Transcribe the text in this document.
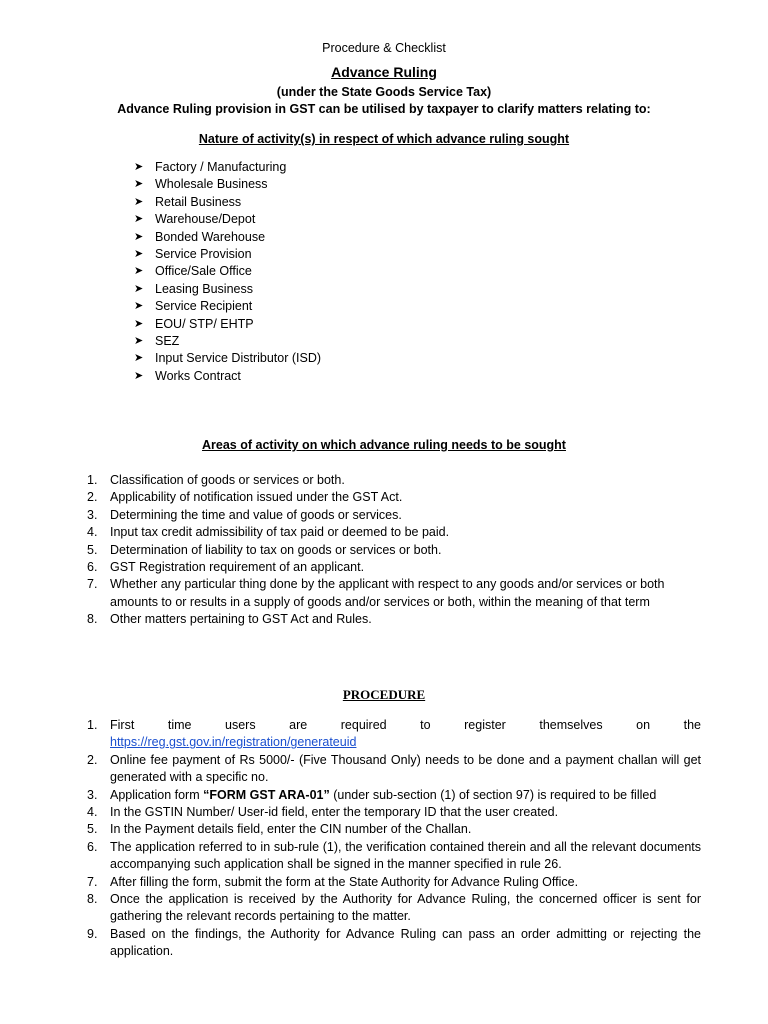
Procedure & Checklist
Advance Ruling
(under the State Goods Service Tax)
Advance Ruling provision in GST can be utilised by taxpayer to clarify matters relating to:
Nature of activity(s) in respect of which advance ruling sought
➤ Factory / Manufacturing
➤ Wholesale Business
➤ Retail Business
➤ Warehouse/Depot
➤ Bonded Warehouse
➤ Service Provision
➤ Office/Sale Office
➤ Leasing Business
➤ Service Recipient
➤ EOU/ STP/ EHTP
➤ SEZ
➤ Input Service Distributor (ISD)
➤ Works Contract
Areas of activity on which advance ruling needs to be sought
1. Classification of goods or services or both.
2. Applicability of notification issued under the GST Act.
3. Determining the time and value of goods or services.
4. Input tax credit admissibility of tax paid or deemed to be paid.
5. Determination of liability to tax on goods or services or both.
6. GST Registration requirement of an applicant.
7. Whether any particular thing done by the applicant with respect to any goods and/or services or both amounts to or results in a supply of goods and/or services or both, within the meaning of that term
8. Other matters pertaining to GST Act and Rules.
PROCEDURE
1. First time users are required to register themselves on the
https://reg.gst.gov.in/registration/generateuid
2. Online fee payment of Rs 5000/- (Five Thousand Only) needs to be done and a payment challan will get generated with a specific no.
3. Application form “FORM GST ARA-01” (under sub-section (1) of section 97) is required to be filled
4. In the GSTIN Number/ User-id field, enter the temporary ID that the user created.
5. In the Payment details field, enter the CIN number of the Challan.
6. The application referred to in sub-rule (1), the verification contained therein and all the relevant documents accompanying such application shall be signed in the manner specified in rule 26.
7. After filling the form, submit the form at the State Authority for Advance Ruling Office.
8. Once the application is received by the Authority for Advance Ruling, the concerned officer is sent for gathering the relevant records pertaining to the matter.
9. Based on the findings, the Authority for Advance Ruling can pass an order admitting or rejecting the application.
